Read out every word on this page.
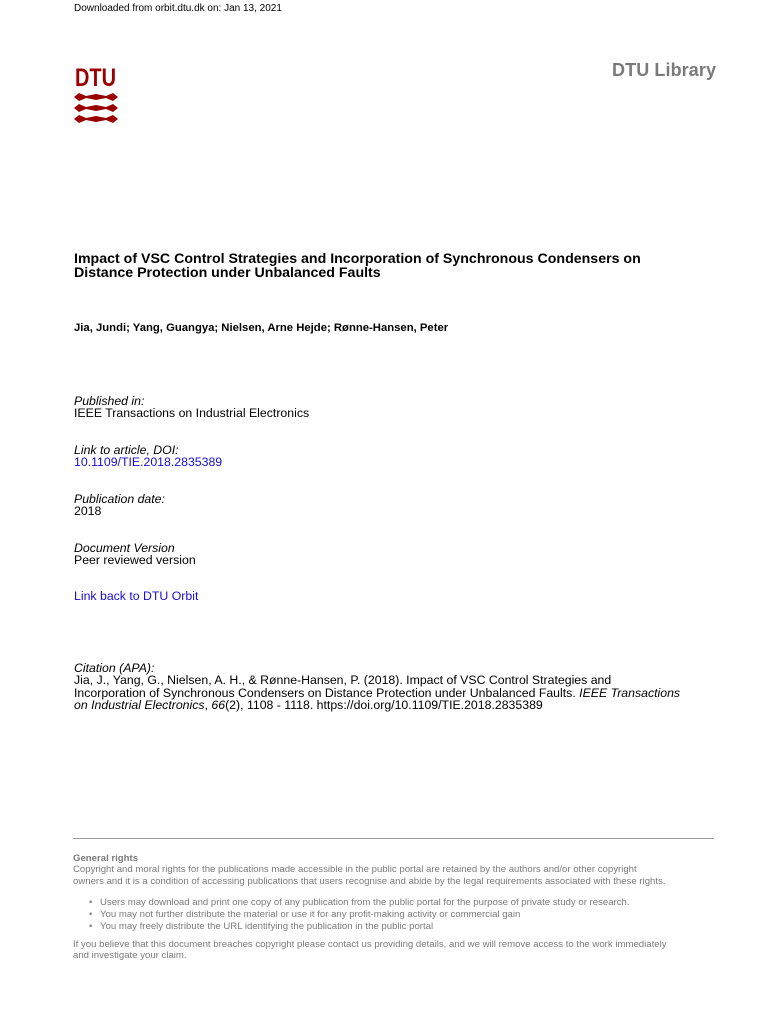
Downloaded from orbit.dtu.dk on: Jan 13, 2021
DTU	DTU Library
Impact of VSC Control Strategies and Incorporation of Synchronous Condensers on
Distance Protection under Unbalanced Faults
Jia, Jundi; Yang, Guangya; Nielsen, Arne Hejde; Rønne-Hansen, Peter
Published in:
IEEE Transactions on Industrial Electronics
Link to article, DOI:
10.1109/TIE.2018.2835389
Publication date:
2018
Document Version
Peer reviewed version
Link back to DTU Orbit
Citation (APA):
Jia, J., Yang, G., Nielsen, A. H., & Rønne-Hansen, P. (2018). Impact of VSC Control Strategies and
Incorporation of Synchronous Condensers on Distance Protection under Unbalanced Faults. IEEE Transactions
on Industrial Electronics, 66(2), 1108 - 1118. https://doi.org/10.1109/TIE.2018.2835389
General rights
Copyright and moral rights for the publications made accessible in the public portal are retained by the authors and/or other copyright
owners and it is a condition of accessing publications that users recognise and abide by the legal requirements associated with these rights.
• Users may download and print one copy of any publication from the public portal for the purpose of private study or research.
• You may not further distribute the material or use it for any profit-making activity or commercial gain
• You may freely distribute the URL identifying the publication in the public portal
If you believe that this document breaches copyright please contact us providing details, and we will remove access to the work immediately
and investigate your claim.
